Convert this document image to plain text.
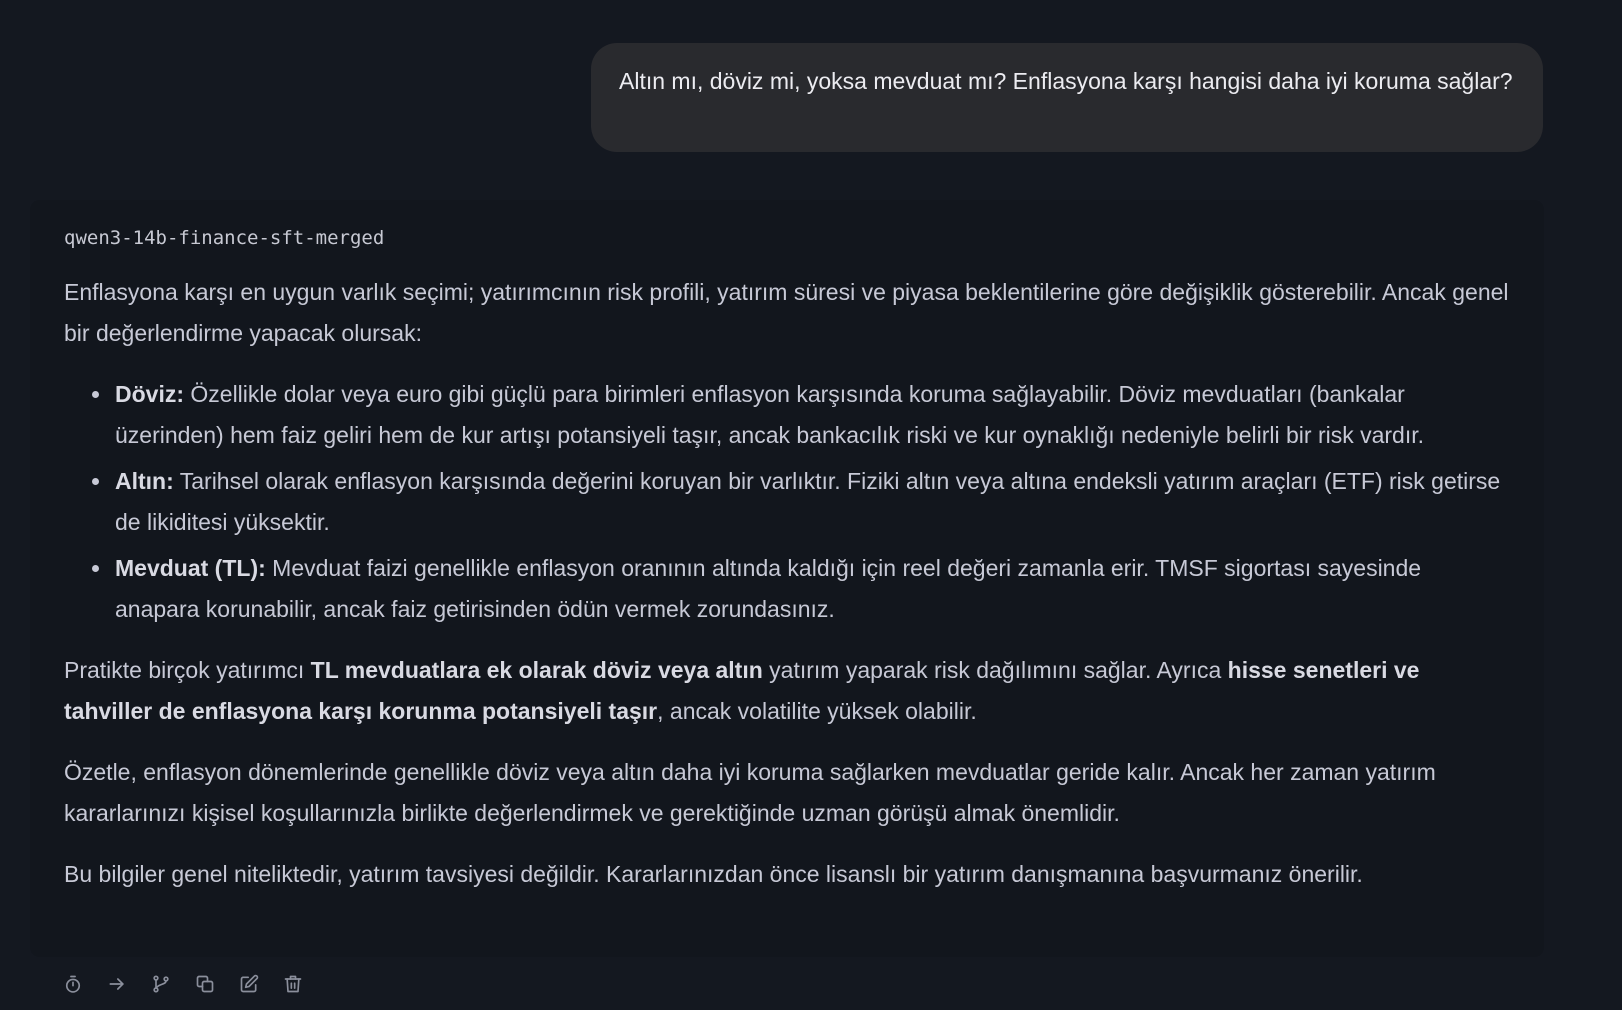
Altın mı, döviz mi, yoksa mevduat mı? Enflasyona karşı hangisi daha iyi koruma sağlar?
qwen3-14b-finance-sft-merged

Enflasyona karşı en uygun varlık seçimi; yatırımcının risk profili, yatırım süresi ve piyasa beklentilerine göre değişiklik gösterebilir. Ancak genel bir değerlendirme yapacak olursak:

Döviz: Özellikle dolar veya euro gibi güçlü para birimleri enflasyon karşısında koruma sağlayabilir. Döviz mevduatları (bankalar üzerinden) hem faiz geliri hem de kur artışı potansiyeli taşır, ancak bankacılık riski ve kur oynaklığı nedeniyle belirli bir risk vardır.
Altın: Tarihsel olarak enflasyon karşısında değerini koruyan bir varlıktır. Fiziki altın veya altına endeksli yatırım araçları (ETF) risk getirse de likiditesi yüksektir.
Mevduat (TL): Mevduat faizi genellikle enflasyon oranının altında kaldığı için reel değeri zamanla erir. TMSF sigortası sayesinde anapara korunabilir, ancak faiz getirisinden ödün vermek zorundasınız.

Pratikte birçok yatırımcı TL mevduatlara ek olarak döviz veya altın yatırım yaparak risk dağılımını sağlar. Ayrıca hisse senetleri ve tahviller de enflasyona karşı korunma potansiyeli taşır, ancak volatilite yüksek olabilir.

Özetle, enflasyon dönemlerinde genellikle döviz veya altın daha iyi koruma sağlarken mevduatlar geride kalır. Ancak her zaman yatırım kararlarınızı kişisel koşullarınızla birlikte değerlendirmek ve gerektiğinde uzman görüşü almak önemlidir.

Bu bilgiler genel niteliktedir, yatırım tavsiyesi değildir. Kararlarınızdan önce lisanslı bir yatırım danışmanına başvurmanız önerilir.
